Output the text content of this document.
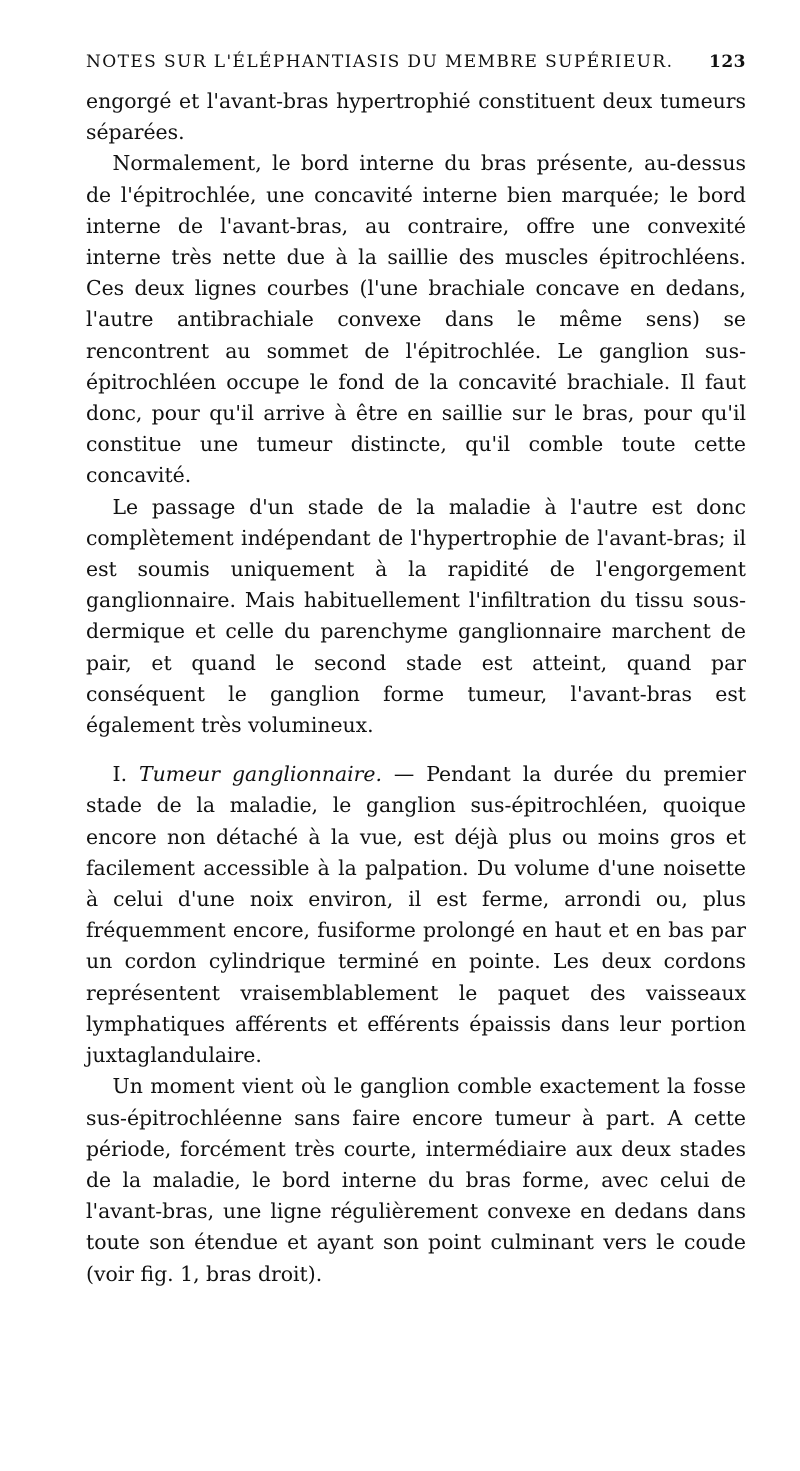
NOTES SUR L'ÉLÉPHANTIASIS DU MEMBRE SUPÉRIEUR. 123

engorgé et l'avant-bras hypertrophié constituent deux tumeurs séparées.

Normalement, le bord interne du bras présente, au-dessus de l'épitrochlée, une concavité interne bien marquée; le bord interne de l'avant-bras, au contraire, offre une convexité interne très nette due à la saillie des muscles épitrochléens. Ces deux lignes courbes (l'une brachiale concave en dedans, l'autre antibrachiale convexe dans le même sens) se rencontrent au sommet de l'épitrochlée. Le ganglion sus-épitrochléen occupe le fond de la concavité brachiale. Il faut donc, pour qu'il arrive à être en saillie sur le bras, pour qu'il constitue une tumeur distincte, qu'il comble toute cette concavité.

Le passage d'un stade de la maladie à l'autre est donc complètement indépendant de l'hypertrophie de l'avant-bras; il est soumis uniquement à la rapidité de l'engorgement ganglionnaire. Mais habituellement l'infiltration du tissu sous-dermique et celle du parenchyme ganglionnaire marchent de pair, et quand le second stade est atteint, quand par conséquent le ganglion forme tumeur, l'avant-bras est également très volumineux.

I. Tumeur ganglionnaire. — Pendant la durée du premier stade de la maladie, le ganglion sus-épitrochléen, quoique encore non détaché à la vue, est déjà plus ou moins gros et facilement accessible à la palpation. Du volume d'une noisette à celui d'une noix environ, il est ferme, arrondi ou, plus fréquemment encore, fusiforme prolongé en haut et en bas par un cordon cylindrique terminé en pointe. Les deux cordons représentent vraisemblablement le paquet des vaisseaux lymphatiques afférents et efférents épaissis dans leur portion juxtaglandulaire.

Un moment vient où le ganglion comble exactement la fosse sus-épitrochléenne sans faire encore tumeur à part. A cette période, forcément très courte, intermédiaire aux deux stades de la maladie, le bord interne du bras forme, avec celui de l'avant-bras, une ligne régulièrement convexe en dedans dans toute son étendue et ayant son point culminant vers le coude (voir fig. 1, bras droit).
